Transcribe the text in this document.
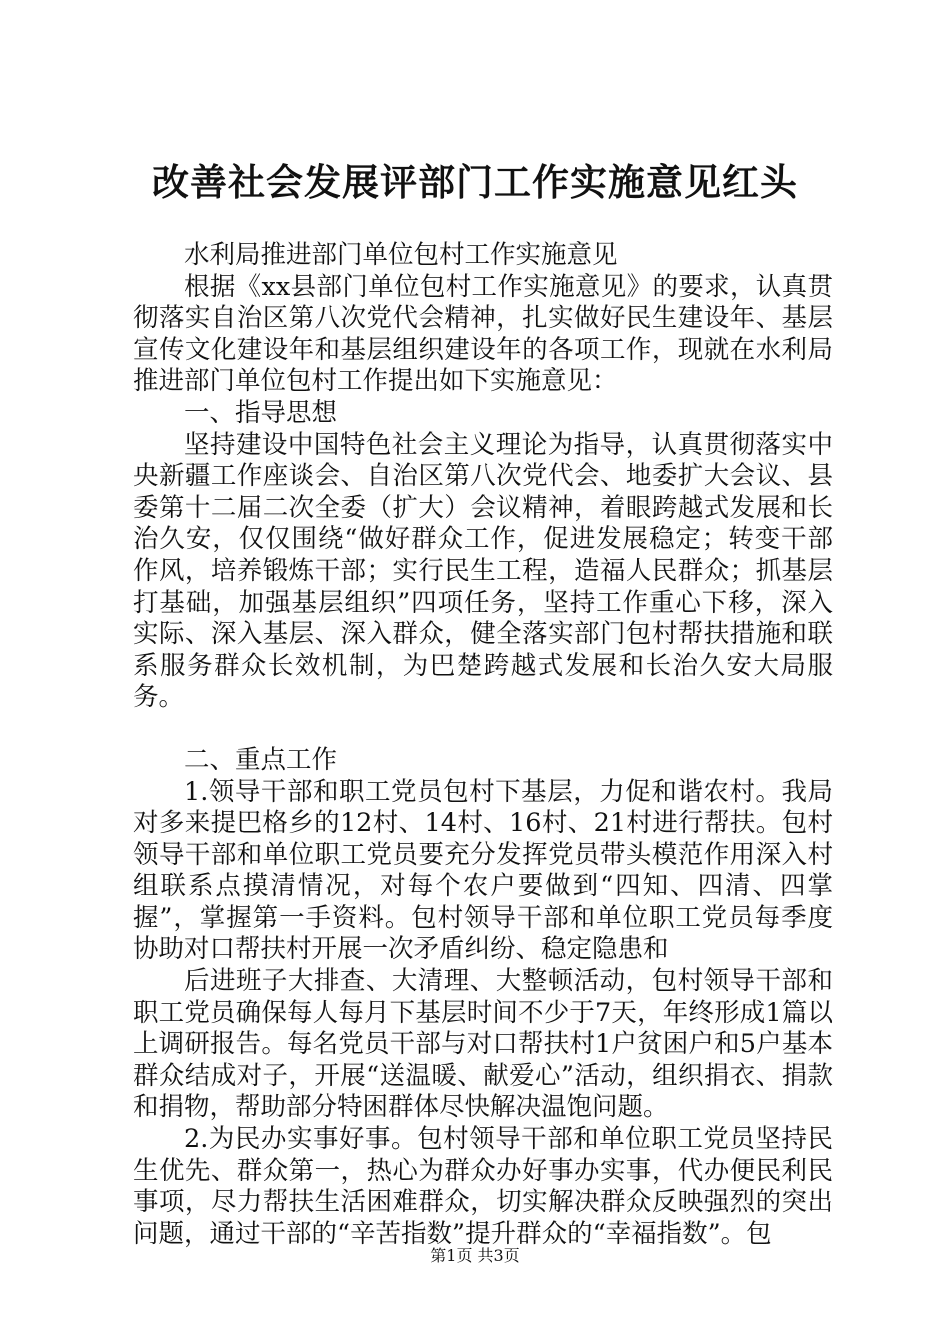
改善社会发展评部门工作实施意见红头

水利局推进部门单位包村工作实施意见

根据《xx县部门单位包村工作实施意见》的要求，认真贯彻落实自治区第八次党代会精神，扎实做好民生建设年、基层宣传文化建设年和基层组织建设年的各项工作，现就在水利局推进部门单位包村工作提出如下实施意见：

一、指导思想

坚持建设中国特色社会主义理论为指导，认真贯彻落实中央新疆工作座谈会、自治区第八次党代会、地委扩大会议、县委第十二届二次全委（扩大）会议精神，着眼跨越式发展和长治久安，仅仅围绕“做好群众工作，促进发展稳定；转变干部作风，培养锻炼干部；实行民生工程，造福人民群众；抓基层打基础，加强基层组织”四项任务，坚持工作重心下移，深入实际、深入基层、深入群众，健全落实部门包村帮扶措施和联系服务群众长效机制，为巴楚跨越式发展和长治久安大局服务。

二、重点工作

1.领导干部和职工党员包村下基层，力促和谐农村。我局对多来提巴格乡的12村、14村、16村、21村进行帮扶。包村领导干部和单位职工党员要充分发挥党员带头模范作用深入村组联系点摸清情况，对每个农户要做到“四知、四清、四掌握”，掌握第一手资料。包村领导干部和单位职工党员每季度协助对口帮扶村开展一次矛盾纠纷、稳定隐患和

后进班子大排查、大清理、大整顿活动，包村领导干部和职工党员确保每人每月下基层时间不少于7天，年终形成1篇以上调研报告。每名党员干部与对口帮扶村1户贫困户和5户基本群众结成对子，开展“送温暖、献爱心”活动，组织捐衣、捐款和捐物，帮助部分特困群体尽快解决温饱问题。

2.为民办实事好事。包村领导干部和单位职工党员坚持民生优先、群众第一，热心为群众办好事办实事，代办便民利民事项，尽力帮扶生活困难群众，切实解决群众反映强烈的突出问题，通过干部的“辛苦指数”提升群众的“幸福指数”。包

第1页 共3页
